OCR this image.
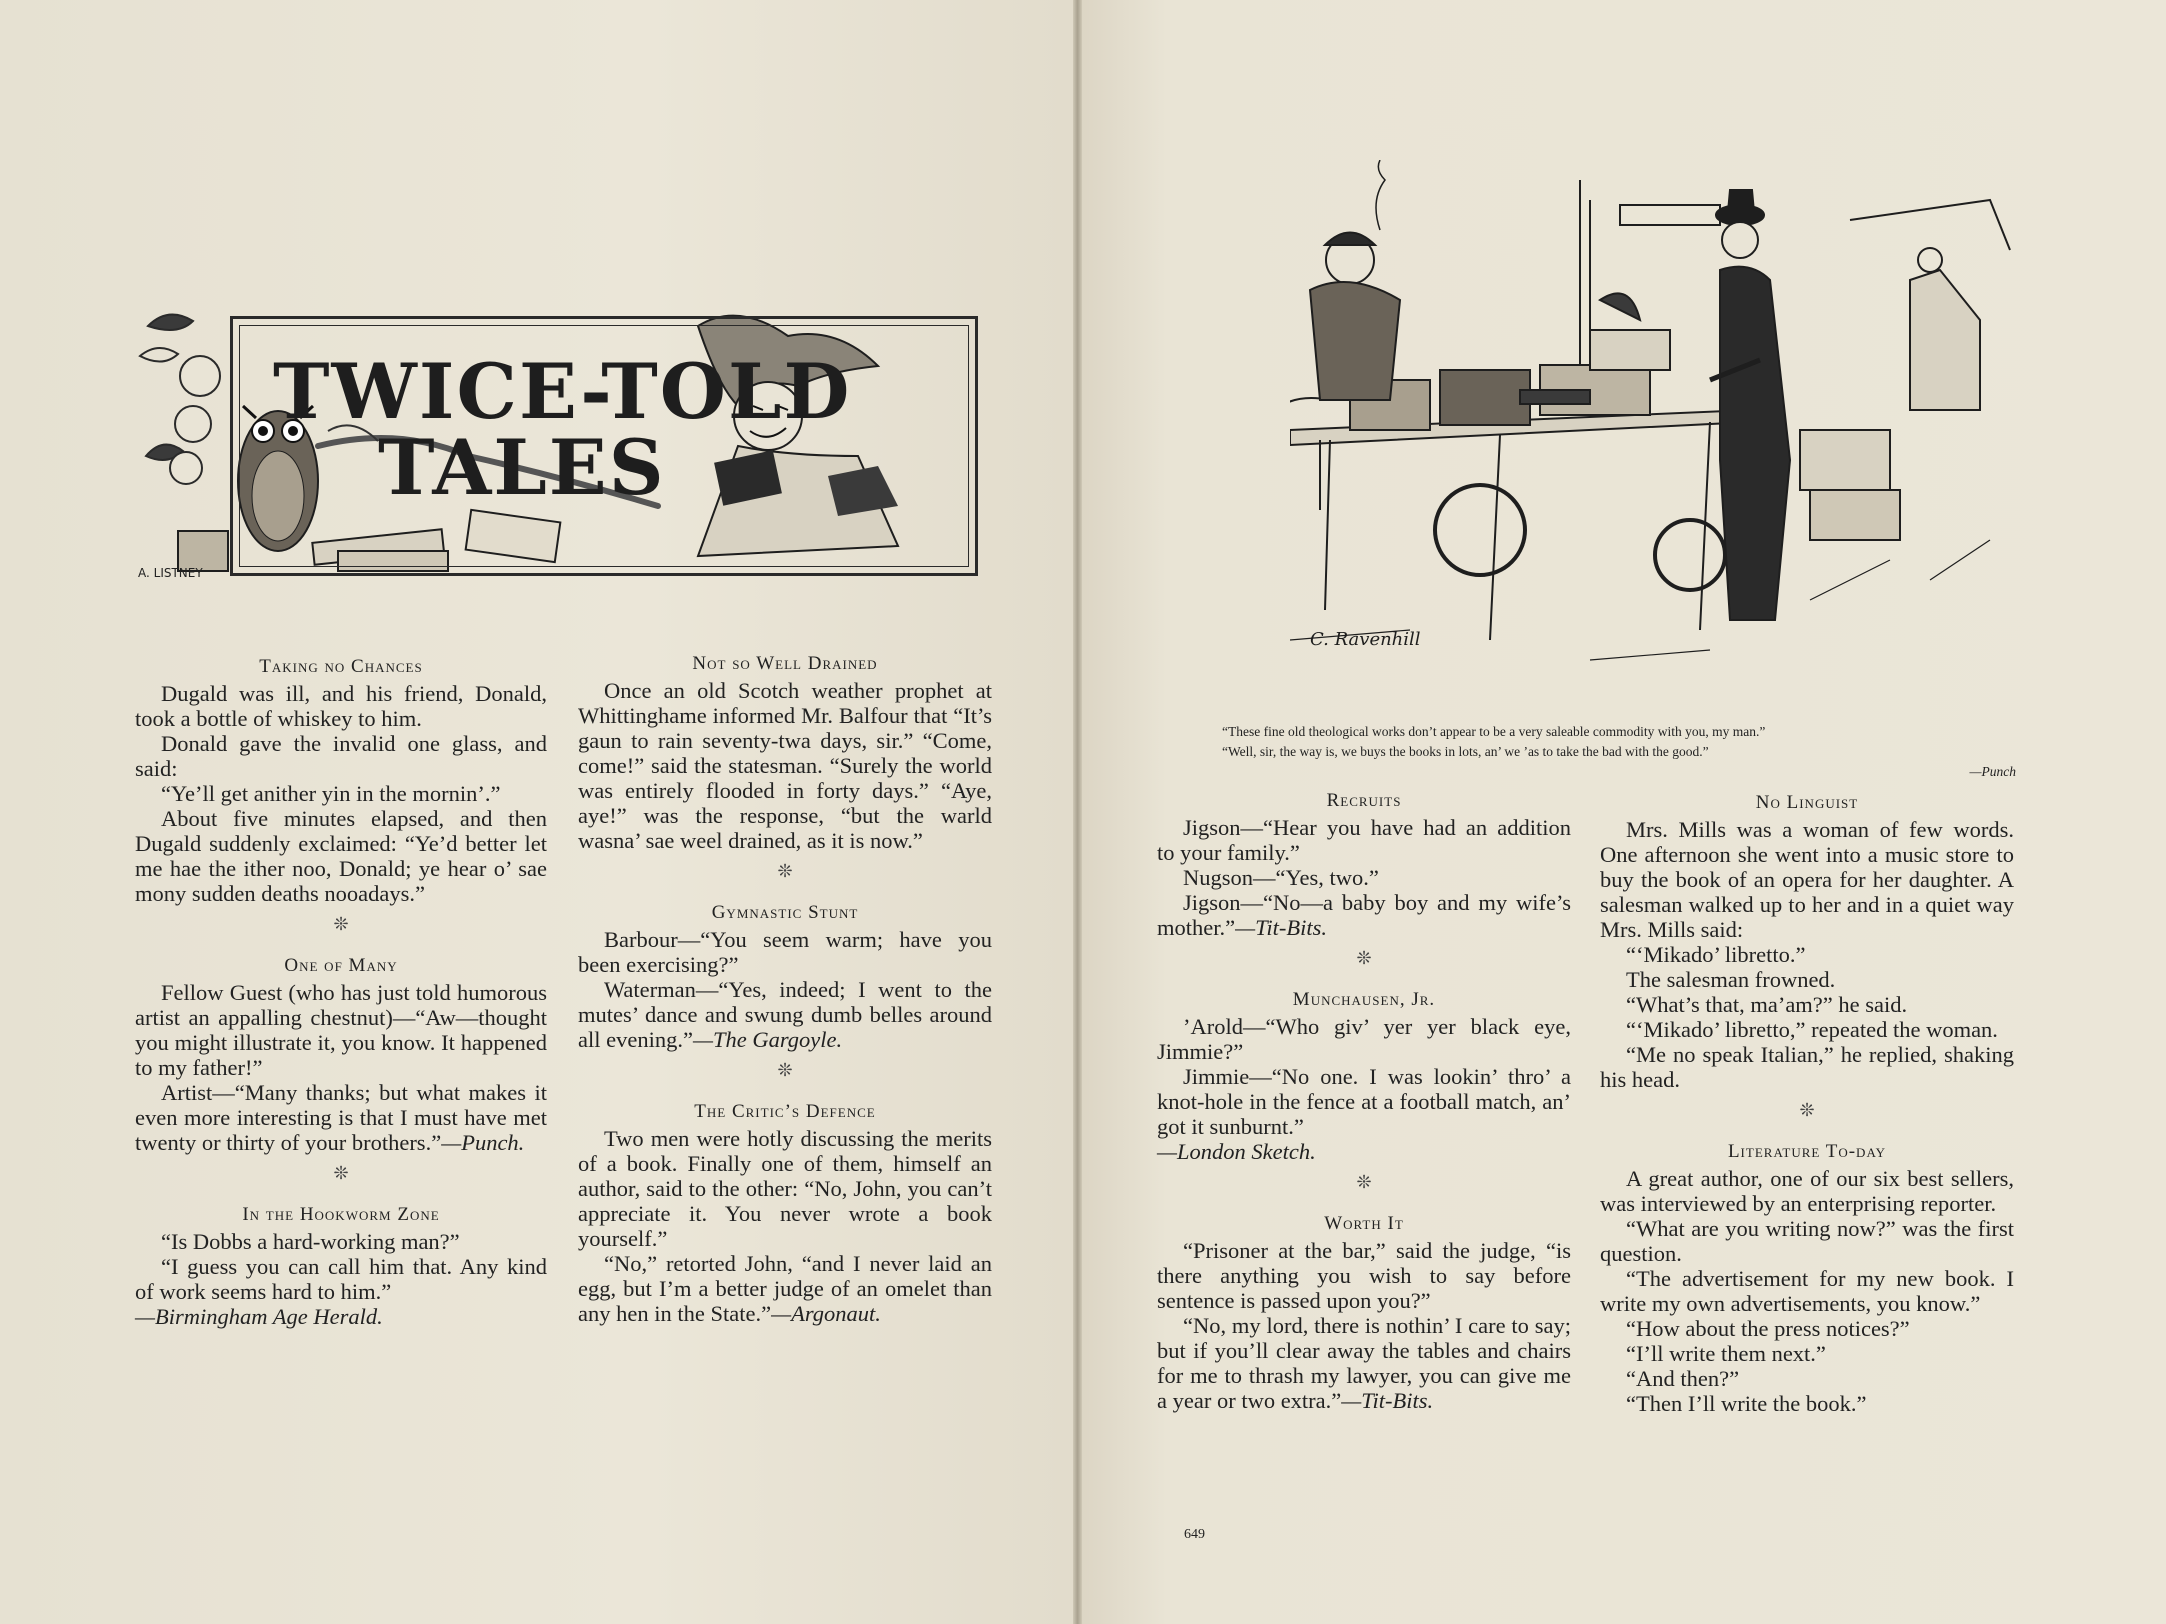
TWICE-TOLD
TALES
A. LISTNEY
C. Ravenhill

“These fine old theological works don’t appear to be a very saleable commodity with you, my man.”

“Well, sir, the way is, we buys the books in lots, an’ we ’as to take the bad with the good.”

—Punch

Taking no Chances

Dugald was ill, and his friend, Donald, took a bottle of whiskey to him.

Donald gave the invalid one glass, and said:

“Ye’ll get anither yin in the mornin’.”

About five minutes elapsed, and then Dugald suddenly exclaimed: “Ye’d better let me hae the ither noo, Donald; ye hear o’ sae mony sudden deaths nooadays.”

❊

One of Many

Fellow Guest (who has just told humorous artist an appalling chestnut)—“Aw—thought you might illustrate it, you know. It happened to my father!”

Artist—“Many thanks; but what makes it even more interesting is that I must have met twenty or thirty of your brothers.”—Punch.

❊

In the Hookworm Zone

“Is Dobbs a hard-working man?”

“I guess you can call him that. Any kind of work seems hard to him.”

—Birmingham Age Herald.

Not so Well Drained

Once an old Scotch weather prophet at Whittinghame informed Mr. Balfour that “It’s gaun to rain seventy-twa days, sir.” “Come, come!” said the statesman. “Surely the world was entirely flooded in forty days.” “Aye, aye!” was the response, “but the warld wasna’ sae weel drained, as it is now.”

❊

Gymnastic Stunt

Barbour—“You seem warm; have you been exercising?”

Waterman—“Yes, indeed; I went to the mutes’ dance and swung dumb belles around all evening.”—The Gargoyle.

❊

The Critic’s Defence

Two men were hotly discussing the merits of a book. Finally one of them, himself an author, said to the other: “No, John, you can’t appreciate it. You never wrote a book yourself.”

“No,” retorted John, “and I never laid an egg, but I’m a better judge of an omelet than any hen in the State.”—Argonaut.

Recruits

Jigson—“Hear you have had an addition to your family.”

Nugson—“Yes, two.”

Jigson—“No—a baby boy and my wife’s mother.”—Tit-Bits.

❊

Munchausen, Jr.

’Arold—“Who giv’ yer yer black eye, Jimmie?”

Jimmie—“No one. I was lookin’ thro’ a knot-hole in the fence at a football match, an’ got it sunburnt.”

—London Sketch.

❊

Worth It

“Prisoner at the bar,” said the judge, “is there anything you wish to say before sentence is passed upon you?”

“No, my lord, there is nothin’ I care to say; but if you’ll clear away the tables and chairs for me to thrash my lawyer, you can give me a year or two extra.”—Tit-Bits.

No Linguist

Mrs. Mills was a woman of few words. One afternoon she went into a music store to buy the book of an opera for her daughter. A salesman walked up to her and in a quiet way Mrs. Mills said:

“‘Mikado’ libretto.”

The salesman frowned.

“What’s that, ma’am?” he said.

“‘Mikado’ libretto,” repeated the woman.

“Me no speak Italian,” he replied, shaking his head.

❊

Literature To-day

A great author, one of our six best sellers, was interviewed by an enterprising reporter.

“What are you writing now?” was the first question.

“The advertisement for my new book. I write my own advertisements, you know.”

“How about the press notices?”

“I’ll write them next.”

“And then?”

“Then I’ll write the book.”

649
